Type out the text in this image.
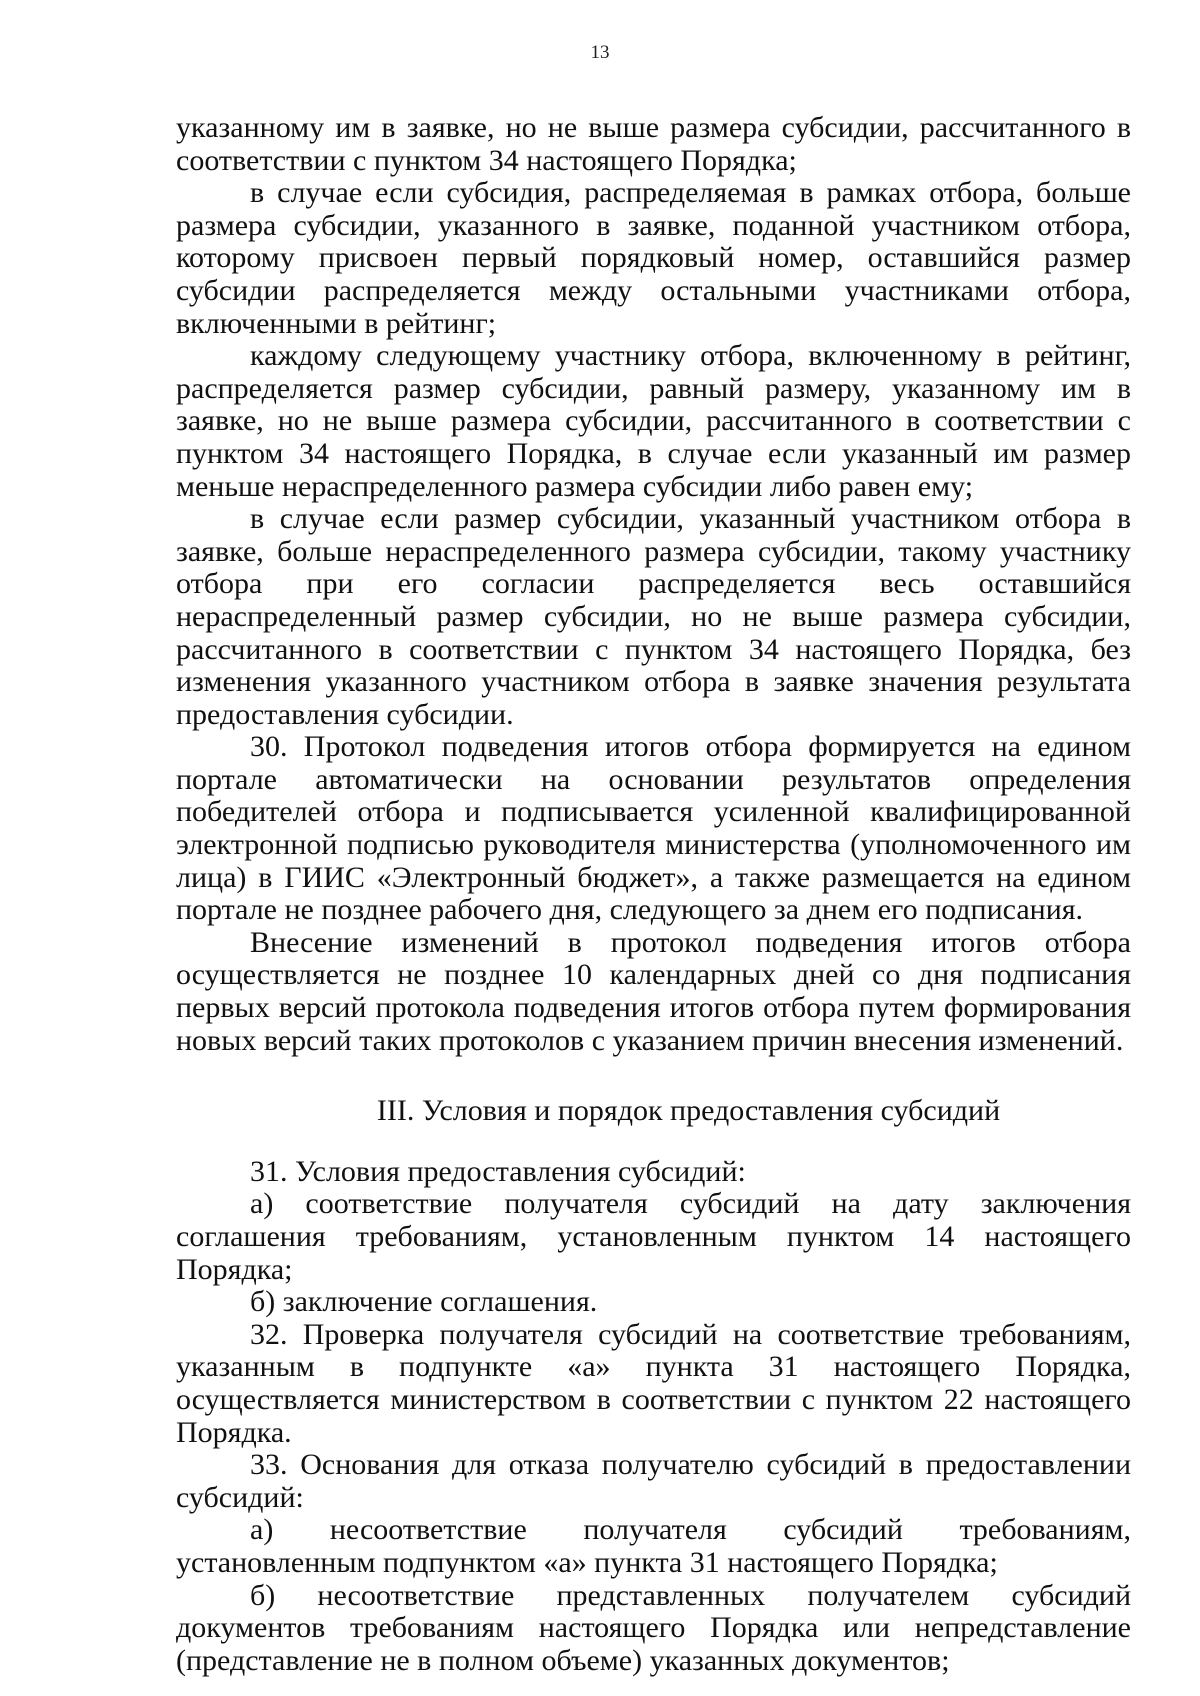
13

указанному им в заявке, но не выше размера субсидии, рассчитанного в соответствии с пунктом 34 настоящего Порядка;

в случае если субсидия, распределяемая в рамках отбора, больше размера субсидии, указанного в заявке, поданной участником отбора, которому присвоен первый порядковый номер, оставшийся размер субсидии распределяется между остальными участниками отбора, включенными в рейтинг;

каждому следующему участнику отбора, включенному в рейтинг, распределяется размер субсидии, равный размеру, указанному им в заявке, но не выше размера субсидии, рассчитанного в соответствии с пунктом 34 настоящего Порядка, в случае если указанный им размер меньше нераспределенного размера субсидии либо равен ему;

в случае если размер субсидии, указанный участником отбора в заявке, больше нераспределенного размера субсидии, такому участнику отбора при его согласии распределяется весь оставшийся нераспределенный размер субсидии, но не выше размера субсидии, рассчитанного в соответствии с пунктом 34 настоящего Порядка, без изменения указанного участником отбора в заявке значения результата предоставления субсидии.

30. Протокол подведения итогов отбора формируется на едином портале автоматически на основании результатов определения победителей отбора и подписывается усиленной квалифицированной электронной подписью руководителя министерства (уполномоченного им лица) в ГИИС «Электронный бюджет», а также размещается на едином портале не позднее рабочего дня, следующего за днем его подписания.

Внесение изменений в протокол подведения итогов отбора осуществляется не позднее 10 календарных дней со дня подписания первых версий протокола подведения итогов отбора путем формирования новых версий таких протоколов с указанием причин внесения изменений.

III. Условия и порядок предоставления субсидий

31. Условия предоставления субсидий:

а) соответствие получателя субсидий на дату заключения соглашения требованиям, установленным пунктом 14 настоящего Порядка;

б) заключение соглашения.

32. Проверка получателя субсидий на соответствие требованиям, указанным в подпункте «а» пункта 31 настоящего Порядка, осуществляется министерством в соответствии с пунктом 22 настоящего Порядка.

33. Основания для отказа получателю субсидий в предоставлении субсидий:

а) несоответствие получателя субсидий требованиям, установленным подпунктом «а» пункта 31 настоящего Порядка;

б) несоответствие представленных получателем субсидий документов требованиям настоящего Порядка или непредставление (представление не в полном объеме) указанных документов;
